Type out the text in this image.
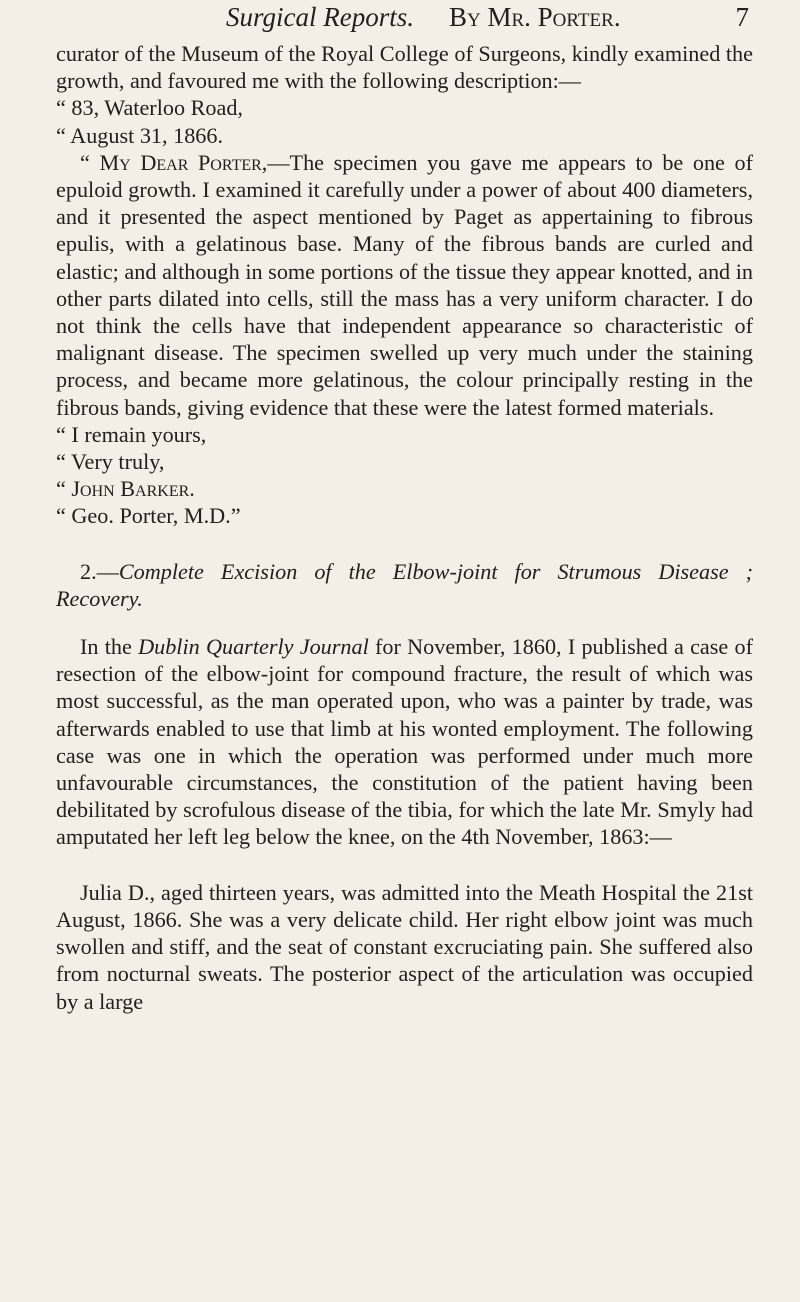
Surgical Reports. By Mr. Porter.	7

curator of the Museum of the Royal College of Surgeons, kindly examined the growth, and favoured me with the following description:—

“ 83, Waterloo Road,

“ August 31, 1866.

“ My Dear Porter,—The specimen you gave me appears to be one of epuloid growth. I examined it carefully under a power of about 400 diameters, and it presented the aspect mentioned by Paget as appertaining to fibrous epulis, with a gelatinous base. Many of the fibrous bands are curled and elastic; and although in some portions of the tissue they appear knotted, and in other parts dilated into cells, still the mass has a very uniform character. I do not think the cells have that independent appearance so characteristic of malignant disease. The specimen swelled up very much under the staining process, and became more gelatinous, the colour principally resting in the fibrous bands, giving evidence that these were the latest formed materials.

“ I remain yours,

“ Very truly,

“ John Barker.

“ Geo. Porter, M.D.”

2.—Complete Excision of the Elbow-joint for Strumous Disease ; Recovery.

In the Dublin Quarterly Journal for November, 1860, I published a case of resection of the elbow-joint for compound fracture, the result of which was most successful, as the man operated upon, who was a painter by trade, was afterwards enabled to use that limb at his wonted employment. The following case was one in which the operation was performed under much more unfavourable circumstances, the constitution of the patient having been debilitated by scrofulous disease of the tibia, for which the late Mr. Smyly had amputated her left leg below the knee, on the 4th November, 1863:—

Julia D., aged thirteen years, was admitted into the Meath Hospital the 21st August, 1866. She was a very delicate child. Her right elbow joint was much swollen and stiff, and the seat of constant excruciating pain. She suffered also from nocturnal sweats. The posterior aspect of the articulation was occupied by a large
